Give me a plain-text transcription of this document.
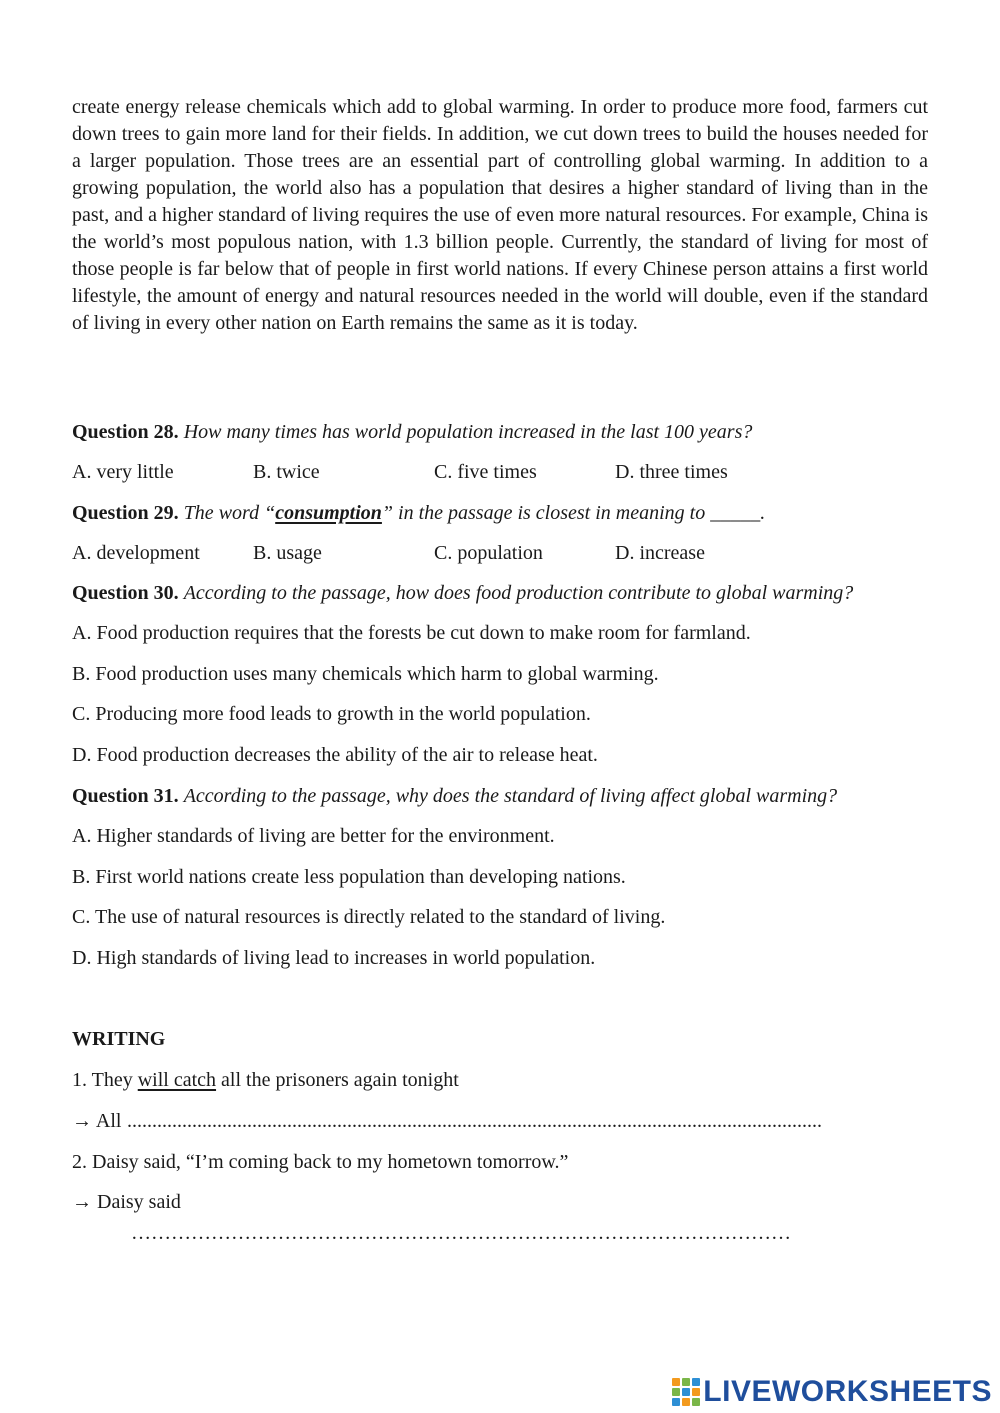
create energy release chemicals which add to global warming. In order to produce more food, farmers cut down trees to gain more land for their fields. In addition, we cut down trees to build the houses needed for a larger population. Those trees are an essential part of controlling global warming. In addition to a growing population, the world also has a population that desires a higher standard of living than in the past, and a higher standard of living requires the use of even more natural resources. For example, China is the world’s most populous nation, with 1.3 billion people. Currently, the standard of living for most of those people is far below that of people in first world nations. If every Chinese person attains a first world lifestyle, the amount of energy and natural resources needed in the world will double, even if the standard of living in every other nation on Earth remains the same as it is today.

Question 28. How many times has world population increased in the last 100 years?
A. very little	B. twice	C. five times	D. three times
Question 29. The word “consumption” in the passage is closest in meaning to _____.
A. development	B. usage	C. population	D. increase
Question 30. According to the passage, how does food production contribute to global warming?
A. Food production requires that the forests be cut down to make room for farmland.
B. Food production uses many chemicals which harm to global warming.
C. Producing more food leads to growth in the world population.
D. Food production decreases the ability of the air to release heat.
Question 31. According to the passage, why does the standard of living affect global warming?
A. Higher standards of living are better for the environment.
B. First world nations create less population than developing nations.
C. The use of natural resources is directly related to the standard of living.
D. High standards of living lead to increases in world population.
WRITING
1. They will catch all the prisoners again tonight
→ All ...........................................................................................................................................
2. Daisy said, “I’m coming back to my hometown tomorrow.”
→ Daisy said
………………………………………………………………………………………
LIVEWORKSHEETS
